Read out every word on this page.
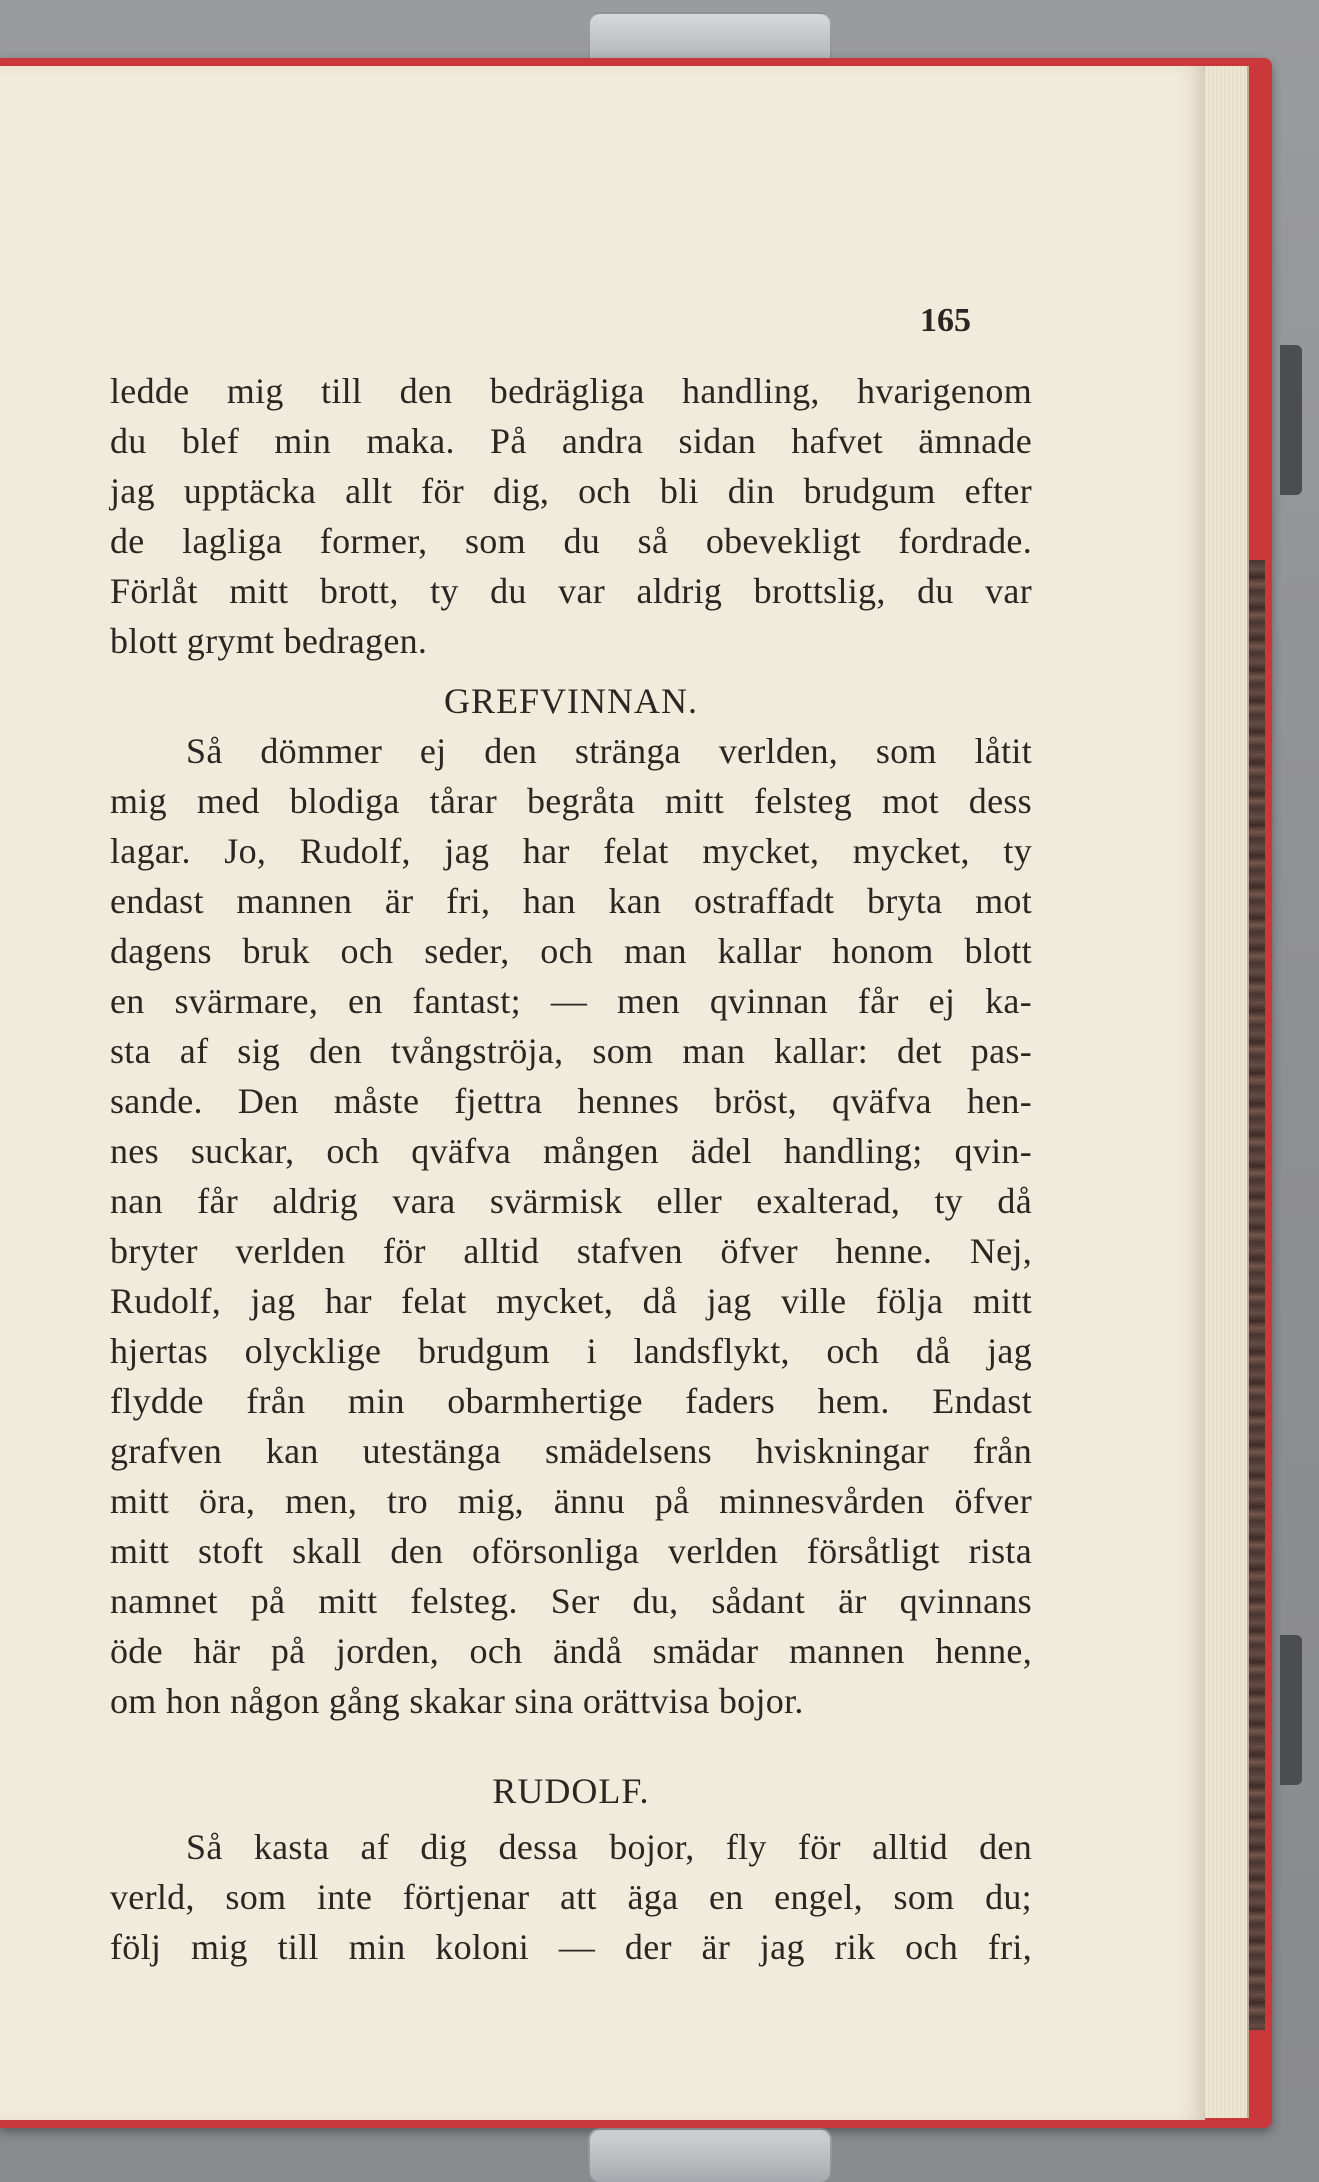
165
ledde mig till den bedrägliga handling, hvarigenom
du blef min maka. På andra sidan hafvet ämnade
jag upptäcka allt för dig, och bli din brudgum efter
de lagliga former, som du så obevekligt fordrade.
Förlåt mitt brott, ty du var aldrig brottslig, du var
blott grymt bedragen.
GREFVINNAN.
Så dömmer ej den stränga verlden, som låtit
mig med blodiga tårar begråta mitt felsteg mot dess
lagar. Jo, Rudolf, jag har felat mycket, mycket, ty
endast mannen är fri, han kan ostraffadt bryta mot
dagens bruk och seder, och man kallar honom blott
en svärmare, en fantast; — men qvinnan får ej ka-
sta af sig den tvångströja, som man kallar: det pas-
sande. Den måste fjettra hennes bröst, qväfva hen-
nes suckar, och qväfva mången ädel handling; qvin-
nan får aldrig vara svärmisk eller exalterad, ty då
bryter verlden för alltid stafven öfver henne. Nej,
Rudolf, jag har felat mycket, då jag ville följa mitt
hjertas olycklige brudgum i landsflykt, och då jag
flydde från min obarmhertige faders hem. Endast
grafven kan utestänga smädelsens hviskningar från
mitt öra, men, tro mig, ännu på minnesvården öfver
mitt stoft skall den oförsonliga verlden försåtligt rista
namnet på mitt felsteg. Ser du, sådant är qvinnans
öde här på jorden, och ändå smädar mannen henne,
om hon någon gång skakar sina orättvisa bojor.
RUDOLF.
Så kasta af dig dessa bojor, fly för alltid den
verld, som inte förtjenar att äga en engel, som du;
följ mig till min koloni — der är jag rik och fri,
